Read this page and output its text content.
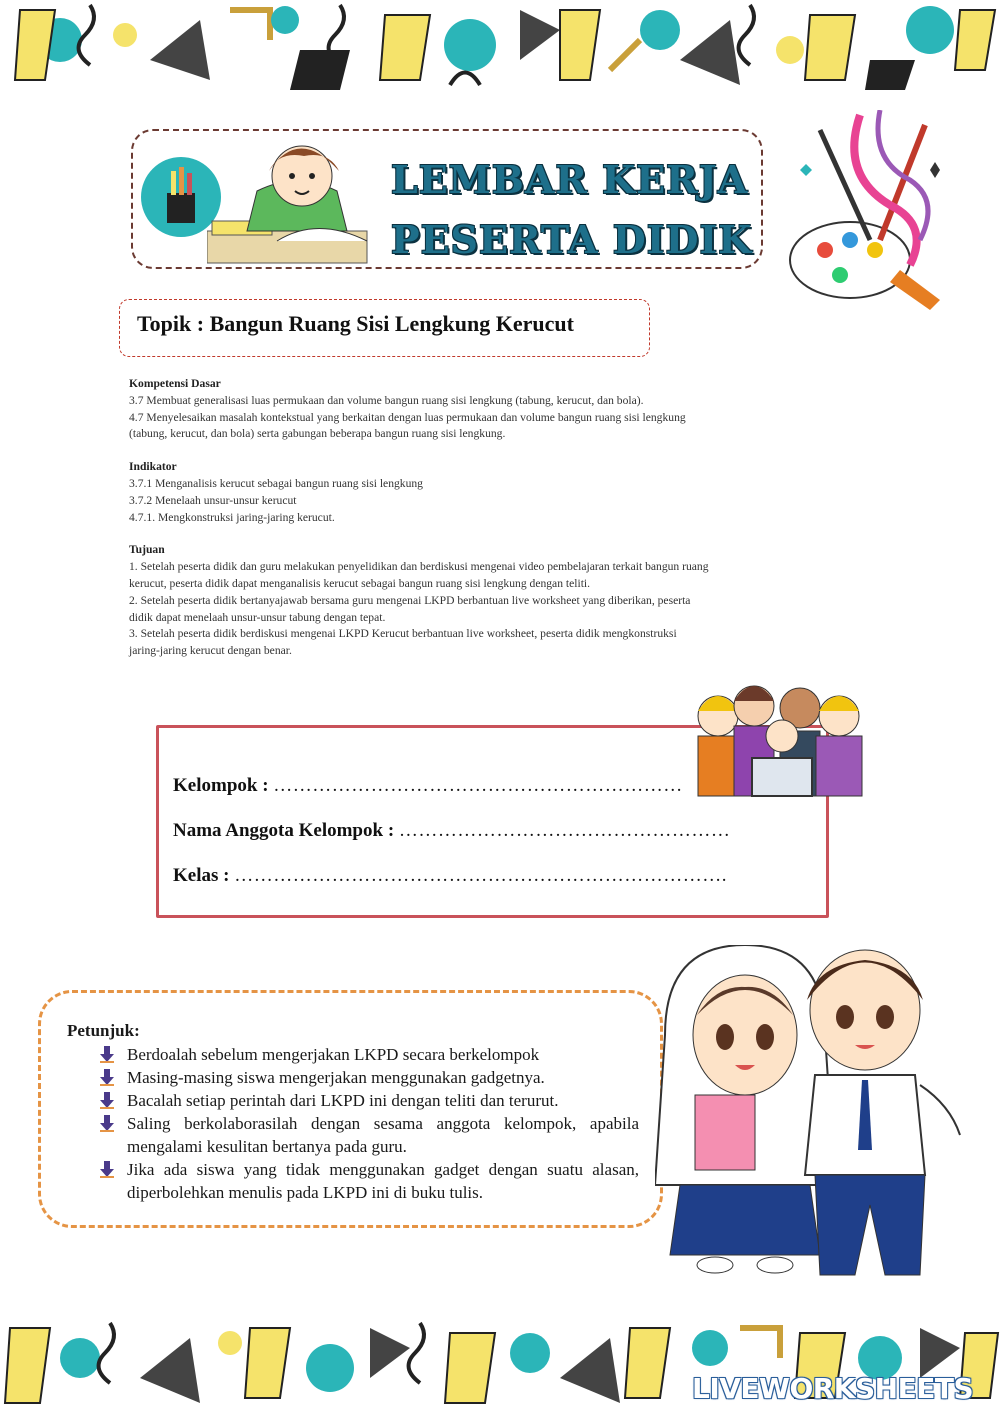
LEMBAR KERJA
PESERTA DIDIK
Topik : Bangun Ruang Sisi Lengkung Kerucut
Kompetensi Dasar
3.7 Membuat generalisasi luas permukaan dan volume bangun ruang sisi lengkung (tabung, kerucut, dan bola).
4.7 Menyelesaikan masalah kontekstual yang berkaitan dengan luas permukaan dan volume bangun ruang sisi lengkung (tabung, kerucut, dan bola) serta gabungan beberapa bangun ruang sisi lengkung.
Indikator
3.7.1 Menganalisis kerucut sebagai bangun ruang sisi lengkung
3.7.2 Menelaah unsur-unsur kerucut
4.7.1. Mengkonstruksi jaring-jaring kerucut.
Tujuan
1. Setelah peserta didik dan guru melakukan penyelidikan dan berdiskusi mengenai video pembelajaran terkait bangun ruang kerucut, peserta didik dapat menganalisis kerucut sebagai bangun ruang sisi lengkung dengan teliti.
2. Setelah peserta didik bertanyajawab bersama guru mengenai LKPD berbantuan live worksheet yang diberikan, peserta didik dapat menelaah unsur-unsur tabung dengan tepat.
3. Setelah peserta didik berdiskusi mengenai LKPD Kerucut berbantuan live worksheet, peserta didik mengkonstruksi jaring-jaring kerucut dengan benar.
Kelompok : ………………………………………………………
Nama Anggota Kelompok : ……………………………………………
Kelas : ………………………………………………………………….
Petunjuk:
Berdoalah sebelum mengerjakan LKPD secara berkelompok
Masing-masing siswa mengerjakan menggunakan gadgetnya.
Bacalah setiap perintah dari LKPD ini dengan teliti dan terurut.
Saling berkolaborasilah dengan sesama anggota kelompok, apabila mengalami kesulitan bertanya pada guru.
Jika ada siswa yang tidak menggunakan gadget dengan suatu alasan, diperbolehkan menulis pada LKPD ini di buku tulis.
LIVEWORKSHEETS
